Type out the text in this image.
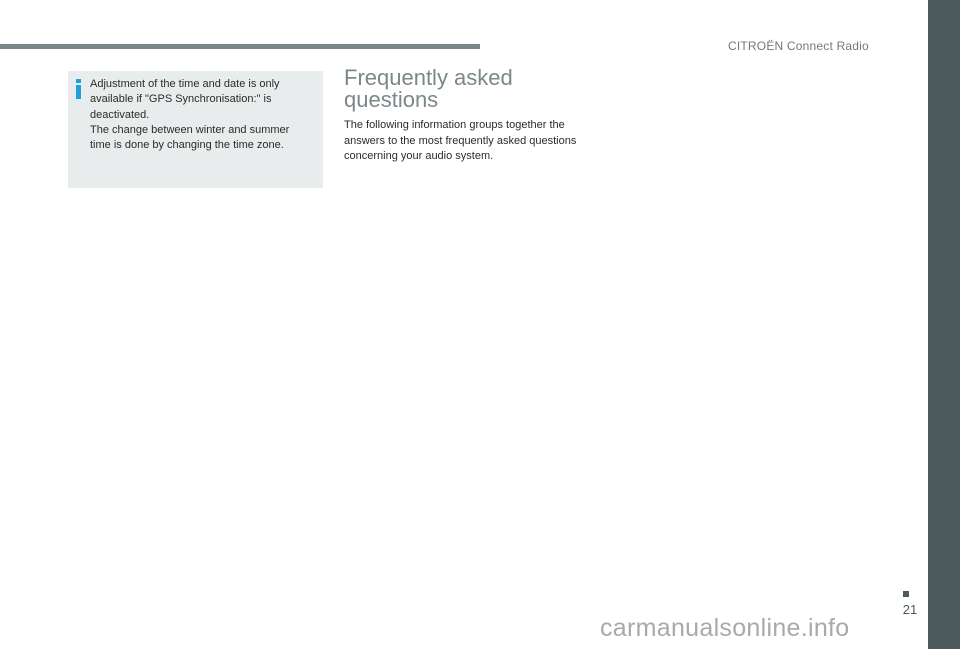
CITROËN Connect Radio

Adjustment of the time and date is only

available if "GPS Synchronisation:" is

deactivated.

The change between winter and summer

time is done by changing the time zone.

Frequently asked
questions
The following information groups together the
answers to the most frequently asked questions
concerning your audio system.
21
carmanualsonline.info
